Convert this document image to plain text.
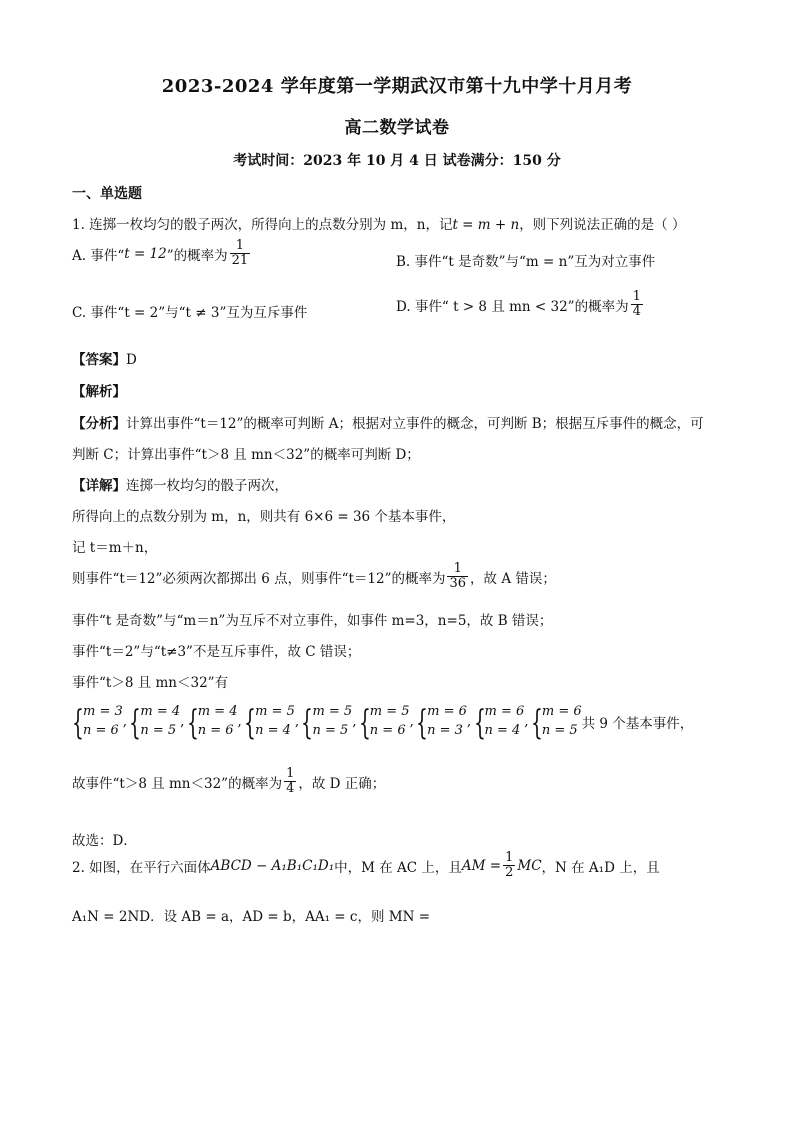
2023-2024 学年度第一学期武汉市第十九中学十月月考
高二数学试卷
考试时间：2023 年 10 月 4 日 试卷满分：150 分
一、单选题
1. 连掷一枚均匀的骰子两次，所得向上的点数分别为 m，n，记t = m + n，则下列说法正确的是（ ）
A. 事件“t = 12”的概率为 $\frac{1}{21}$	B. 事件“t 是奇数”与“m = n”互为对立事件
C. 事件“t = 2”与“t ≠ 3”互为互斥事件	D. 事件“ t > 8 且 mn < 32”的概率为 $\frac{1}{4}$
【答案】D
【解析】
【分析】计算出事件“t＝12”的概率可判断 A；根据对立事件的概念，可判断 B；根据互斥事件的概念，可
判断 C；计算出事件“t＞8 且 mn＜32”的概率可判断 D；
【详解】连掷一枚均匀的骰子两次，
所得向上的点数分别为 m，n，则共有 6×6 = 36 个基本事件，
记 t＝m＋n，
则事件“t＝12”必须两次都掷出 6 点，则事件“t＝12”的概率为 $\frac{1}{36}$ ，故 A 错误；
事件“t 是奇数”与“m＝n”为互斥不对立事件，如事件 m=3，n=5，故 B 错误；
事件“t＝2”与“t≠3”不是互斥事件，故 C 错误；
事件“t＞8 且 mn＜32”有
{ m = 3
n = 6
,
{ m = 4
n = 5
,
{ m = 4
n = 6
,
{ m = 5
n = 4
,
{ m = 5
n = 5
,
{ m = 5
n = 6
,
{ m = 6
n = 3
,
{ m = 6
n = 4
,
{ m = 6
n = 5 共 9 个基本事件，
故事件“t＞8 且 mn＜32”的概率为 $\frac{1}{4}$ ，故 D 正确；
故选：D．
2. 如图，在平行六面体ABCD − A₁B₁C₁D₁中，M 在 AC 上，且AM = $\frac{1}{2}$ MC，N 在 A₁D 上，且
A₁N = 2ND．设 AB = a，AD = b，AA₁ = c，则 MN =
